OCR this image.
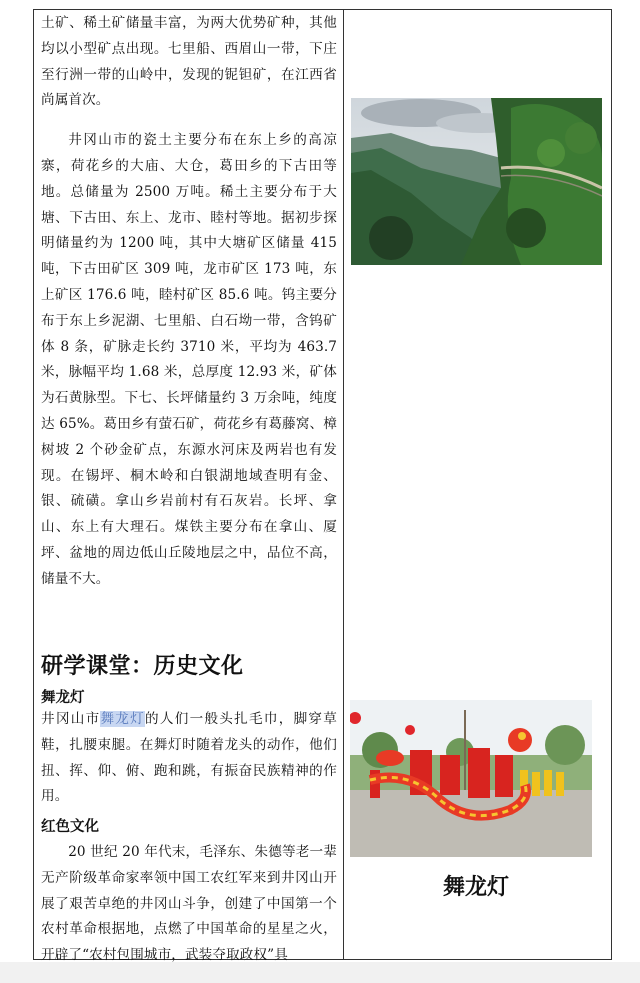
土矿、稀土矿储量丰富，为两大优势矿种，其他均以小型矿点出现。七里船、西眉山一带，下庄至行洲一带的山岭中，发现的铌钽矿，在江西省尚属首次。

井冈山市的瓷土主要分布在东上乡的高凉寨，荷花乡的大庙、大仓，葛田乡的下古田等地。总储量为 2500 万吨。稀土主要分布于大塘、下古田、东上、龙市、睦村等地。据初步探明储量约为 1200 吨，其中大塘矿区储量 415 吨，下古田矿区 309 吨，龙市矿区 173 吨，东上矿区 176.6 吨，睦村矿区 85.6 吨。钨主要分布于东上乡泥湖、七里船、白石坳一带，含钨矿体 8 条，矿脉走长约 3710 米，平均为 463.7 米，脉幅平均 1.68 米，总厚度 12.93 米，矿体为石黄脉型。下七、长坪储量约 3 万余吨，纯度达 65%。葛田乡有萤石矿，荷花乡有葛藤窝、樟树坡 2 个砂金矿点，东源水河床及两岩也有发现。在锡坪、桐木岭和白银湖地域查明有金、银、硫磺。拿山乡岩前村有石灰岩。长坪、拿山、东上有大理石。煤铁主要分布在拿山、厦坪、盆地的周边低山丘陵地层之中，品位不高，储量不大。

研学课堂：历史文化

舞龙灯

井冈山市舞龙灯的人们一般头扎毛巾，脚穿草鞋，扎腰束腿。在舞灯时随着龙头的动作，他们扭、挥、仰、俯、跑和跳，有振奋民族精神的作用。

红色文化

20 世纪 20 年代末，毛泽东、朱德等老一辈无产阶级革命家率领中国工农红军来到井冈山开展了艰苦卓绝的井冈山斗争，创建了中国第一个农村革命根据地，点燃了中国革命的星星之火，开辟了“农村包围城市，武装夺取政权”具

舞龙灯
